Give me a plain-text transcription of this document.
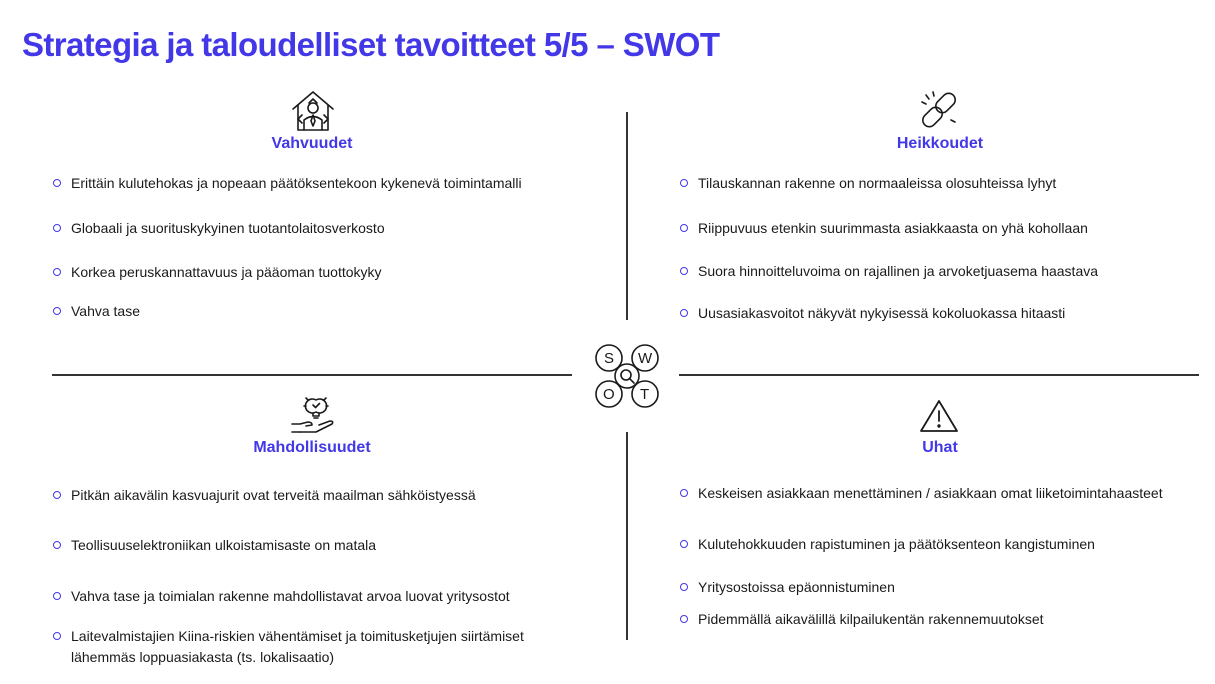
Strategia ja taloudelliset tavoitteet 5/5 – SWOT
Vahvuudet
Erittäin kulutehokas ja nopeaan päätöksentekoon kykenevä toimintamalli
Globaali ja suorituskykyinen tuotantolaitosverkosto
Korkea peruskannattavuus ja pääoman tuottokyky
Vahva tase
Heikkoudet
Tilauskannan rakenne on normaaleissa olosuhteissa lyhyt
Riippuvuus etenkin suurimmasta asiakkaasta on yhä kohollaan
Suora hinnoitteluvoima on rajallinen ja arvoketjuasema haastava
Uusasiakasvoitot näkyvät nykyisessä kokoluokassa hitaasti
S W
O T
Mahdollisuudet
Pitkän aikavälin kasvuajurit ovat terveitä maailman sähköistyessä
Teollisuuselektroniikan ulkoistamisaste on matala
Vahva tase ja toimialan rakenne mahdollistavat arvoa luovat yritysostot
Laitevalmistajien Kiina-riskien vähentämiset ja toimitusketjujen siirtämiset
lähemmäs loppuasiakasta (ts. lokalisaatio)
Uhat
Keskeisen asiakkaan menettäminen / asiakkaan omat liiketoimintahaasteet
Kulutehokkuuden rapistuminen ja päätöksenteon kangistuminen
Yritysostoissa epäonnistuminen
Pidemmällä aikavälillä kilpailukentän rakennemuutokset
